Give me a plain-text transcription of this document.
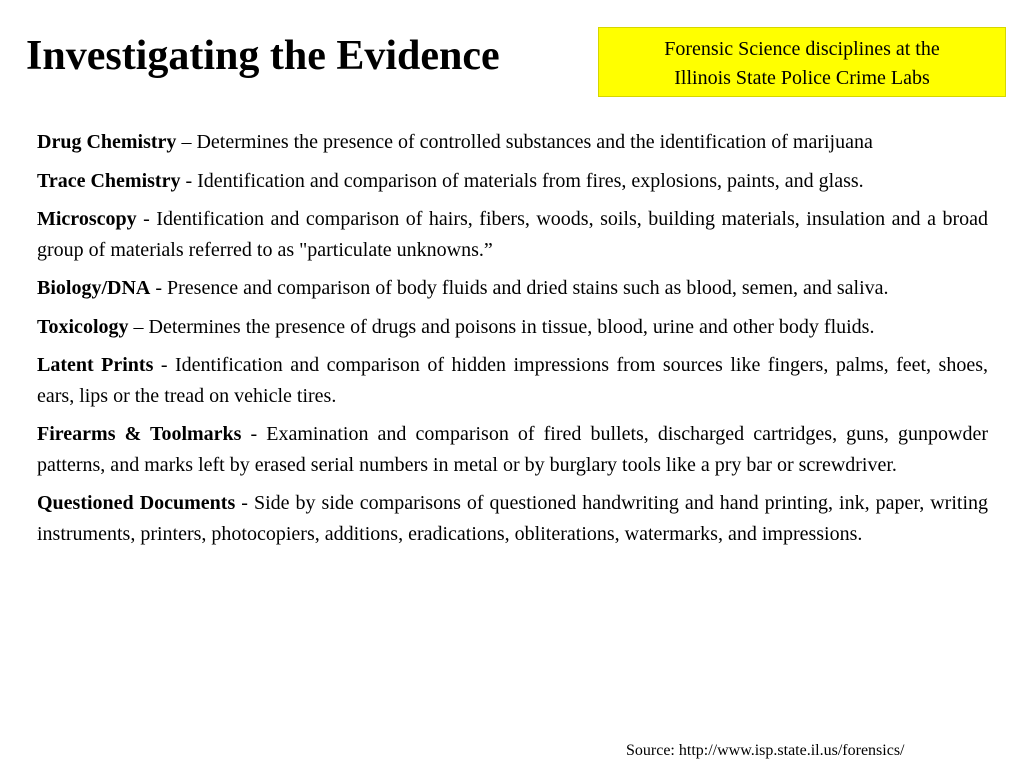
Investigating the Evidence	Forensic Science disciplines at the
Illinois State Police Crime Labs

Drug Chemistry – Determines the presence of controlled substances and the identification of marijuana

Trace Chemistry - Identification and comparison of materials from fires, explosions, paints, and glass.

Microscopy - Identification and comparison of hairs, fibers, woods, soils, building materials, insulation and a broad group of materials referred to as "particulate unknowns.”

Biology/DNA - Presence and comparison of body fluids and dried stains such as blood, semen, and saliva.

Toxicology – Determines the presence of drugs and poisons in tissue, blood, urine and other body fluids.

Latent Prints - Identification and comparison of hidden impressions from sources like fingers, palms, feet, shoes, ears, lips or the tread on vehicle tires.

Firearms & Toolmarks - Examination and comparison of fired bullets, discharged cartridges, guns, gunpowder patterns, and marks left by erased serial numbers in metal or by burglary tools like a pry bar or screwdriver.

Questioned Documents - Side by side comparisons of questioned handwriting and hand printing, ink, paper, writing instruments, printers, photocopiers, additions, eradications, obliterations, watermarks, and impressions.

Source: http://www.isp.state.il.us/forensics/
